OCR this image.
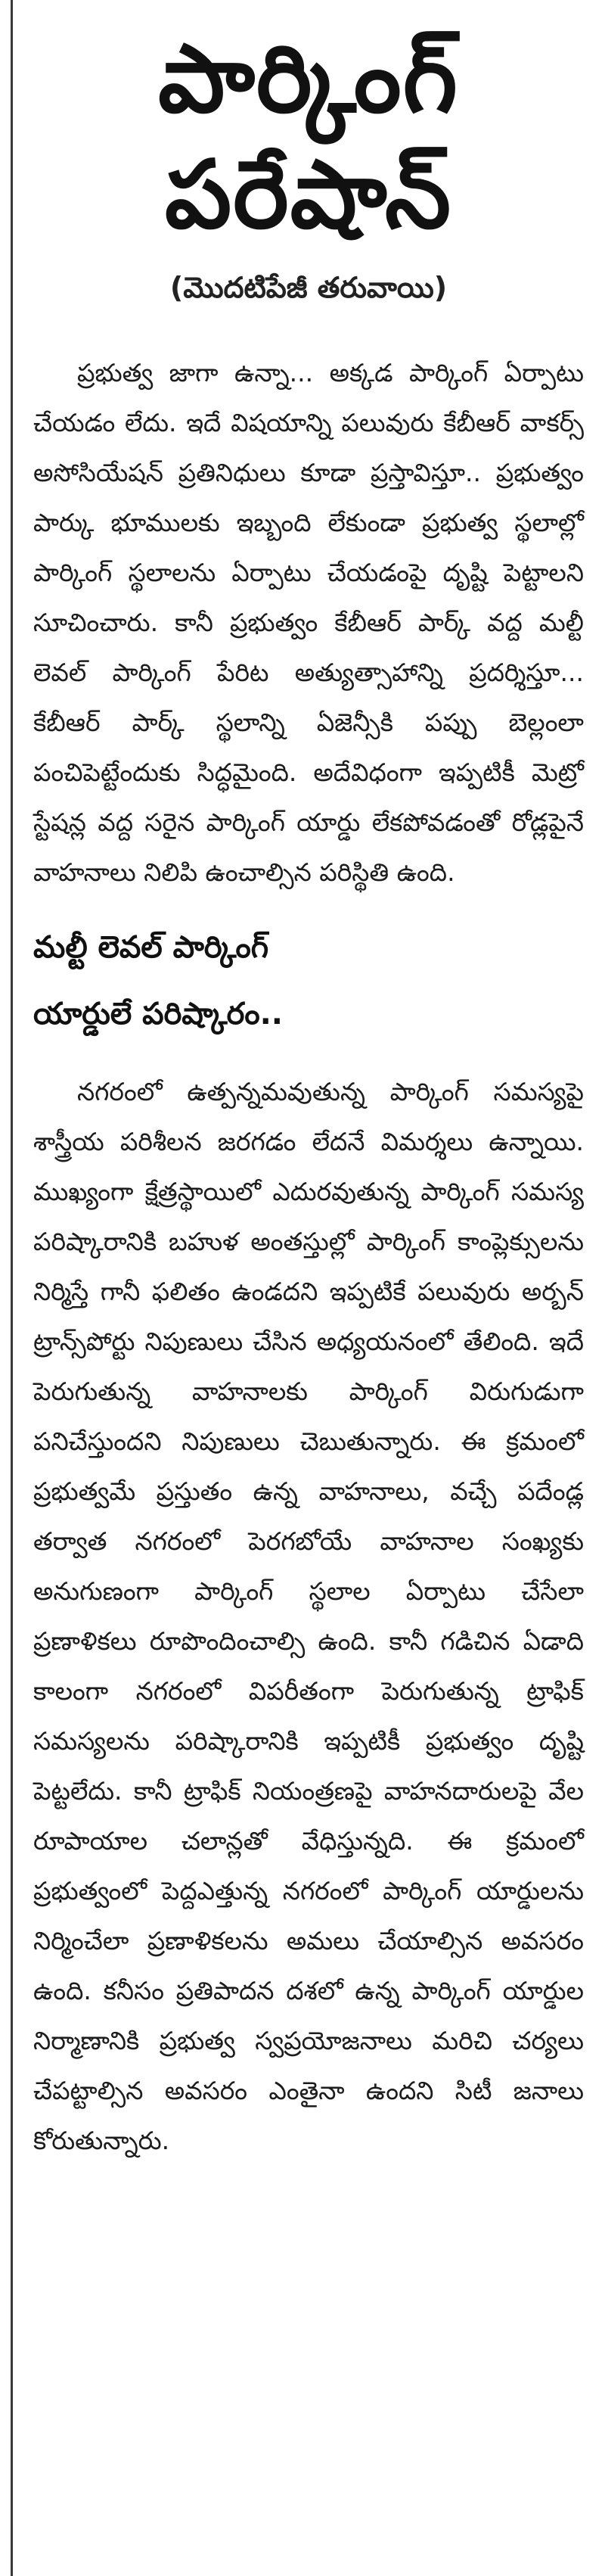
పార్కింగ్
పరేషాన్
(మొదటిపేజీ తరువాయి)

ప్రభుత్వ జాగా ఉన్నా... అక్కడ పార్కింగ్ ఏర్పాటు చేయడం లేదు. ఇదే విషయాన్ని పలువురు కేబీఆర్ వాకర్స్ అసోసియేషన్ ప్రతినిధులు కూడా ప్రస్తావిస్తూ.. ప్రభుత్వం పార్కు భూములకు ఇబ్బంది లేకుండా ప్రభుత్వ స్థలాల్లో పార్కింగ్ స్థలాలను ఏర్పాటు చేయడంపై దృష్టి పెట్టాలని సూచించారు. కానీ ప్రభుత్వం కేబీఆర్ పార్క్ వద్ద మల్టీ లెవల్ పార్కింగ్ పేరిట అత్యుత్సాహాన్ని ప్రదర్శిస్తూ... కేబీఆర్ పార్క్ స్థలాన్ని ఏజెన్సీకి పప్పు బెల్లంలా పంచిపెట్టేందుకు సిద్ధమైంది. అదేవిధంగా ఇప్పటికీ మెట్రో స్టేషన్ల వద్ద సరైన పార్కింగ్ యార్డు లేకపోవడంతో రోడ్లపైనే వాహనాలు నిలిపి ఉంచాల్సిన పరిస్థితి ఉంది.

మల్టీ లెవల్ పార్కింగ్
యార్డులే పరిష్కారం..

నగరంలో ఉత్పన్నమవుతున్న పార్కింగ్ సమస్యపై శాస్త్రీయ పరిశీలన జరగడం లేదనే విమర్శలు ఉన్నాయి. ముఖ్యంగా క్షేత్రస్థాయిలో ఎదురవుతున్న పార్కింగ్ సమస్య పరిష్కారానికి బహుళ అంతస్తుల్లో పార్కింగ్ కాంప్లెక్సులను నిర్మిస్తే గానీ ఫలితం ఉండదని ఇప్పటికే పలువురు అర్బన్ ట్రాన్స్‌పోర్టు నిపుణులు చేసిన అధ్యయనంలో తేలింది. ఇదే పెరుగుతున్న వాహనాలకు పార్కింగ్ విరుగుడుగా పనిచేస్తుందని నిపుణులు చెబుతున్నారు. ఈ క్రమంలో ప్రభుత్వమే ప్రస్తుతం ఉన్న వాహనాలు, వచ్చే పదేండ్ల తర్వాత నగరంలో పెరగబోయే వాహనాల సంఖ్యకు అనుగుణంగా పార్కింగ్ స్థలాల ఏర్పాటు చేసేలా ప్రణాళికలు రూపొందించాల్సి ఉంది. కానీ గడిచిన ఏడాది కాలంగా నగరంలో విపరీతంగా పెరుగుతున్న ట్రాఫిక్ సమస్యలను పరిష్కారానికి ఇప్పటికీ ప్రభుత్వం దృష్టి పెట్టలేదు. కానీ ట్రాఫిక్ నియంత్రణపై వాహనదారులపై వేల రూపాయాల చలాన్లతో వేధిస్తున్నది. ఈ క్రమంలో ప్రభుత్వంలో పెద్దఎత్తున్న నగరంలో పార్కింగ్ యార్డులను నిర్మించేలా ప్రణాళికలను అమలు చేయాల్సిన అవసరం ఉంది. కనీసం ప్రతిపాదన దశలో ఉన్న పార్కింగ్ యార్డుల నిర్మాణానికి ప్రభుత్వ స్వప్రయోజనాలు మరిచి చర్యలు చేపట్టాల్సిన అవసరం ఎంతైనా ఉందని సిటీ జనాలు కోరుతున్నారు.
